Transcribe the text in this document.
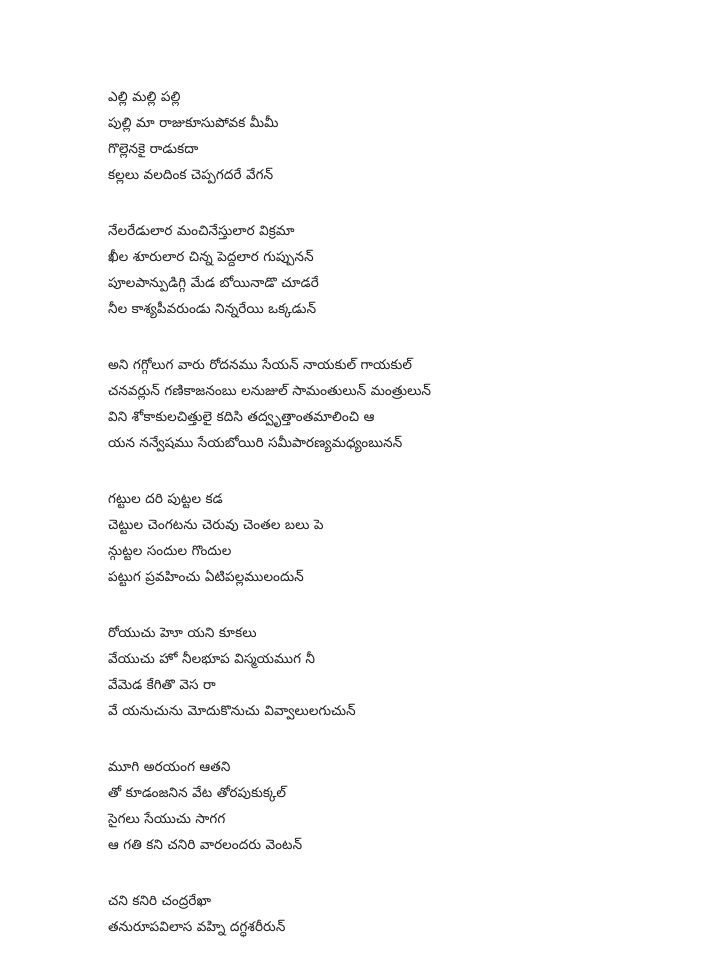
ఎల్లి మల్లి పల్లి
పుల్లి మా రాజుకూసుపోవక మీమీ
గొల్లెనకై రాడుకదా
కల్లలు వలదింక చెప్పగదరే వేగన్
నేలరేడులార మంచినేస్తులార విక్రమా
ఖీల శూరులార చిన్న పెద్దలార గుప్పునన్
పూలపాన్పుడిగ్గి మేడ బోయినాడొ చూడరే
నీల కాశ్యపీవరుండు నిన్నరేయి ఒక్కడున్
అని గగ్గోలుగ వారు రోదనము సేయన్ నాయకుల్ గాయకుల్
చనవర్లున్ గణికాజనంబు లనుజుల్ సామంతులున్ మంత్రులున్
విని శోకాకులచిత్తులై కదిసి తద్వృత్తాంతమాలించి ఆ
యన నన్వేషము సేయబోయిరి సమీపారణ్యమధ్యంబునన్
గట్టుల దరి పుట్టల కడ
చెట్టుల చెంగటను చెరువు చెంతల బలు పె
న్గుట్టల సందుల గొందుల
పట్టుగ ప్రవహించు ఏటిపల్లములందున్
రోయుచు హెూ యని కూకలు
వేయుచు హో నీలభూప విస్మయముగ నీ
వేమెడ కేగితొ వెస రా
వే యనుచును మోదుకొనుచు వివ్వాలులగుచున్
మూగి అరయంగ ఆతని
తో కూడంజనిన వేట తోరపుకుక్కల్
సైగలు సేయుచు సాగగ
ఆ గతి కని చనిరి వారలందరు వెంటన్
చని కనిరి చంద్రరేఖా
తనురూపవిలాస వహ్ని దగ్ధశరీరున్
